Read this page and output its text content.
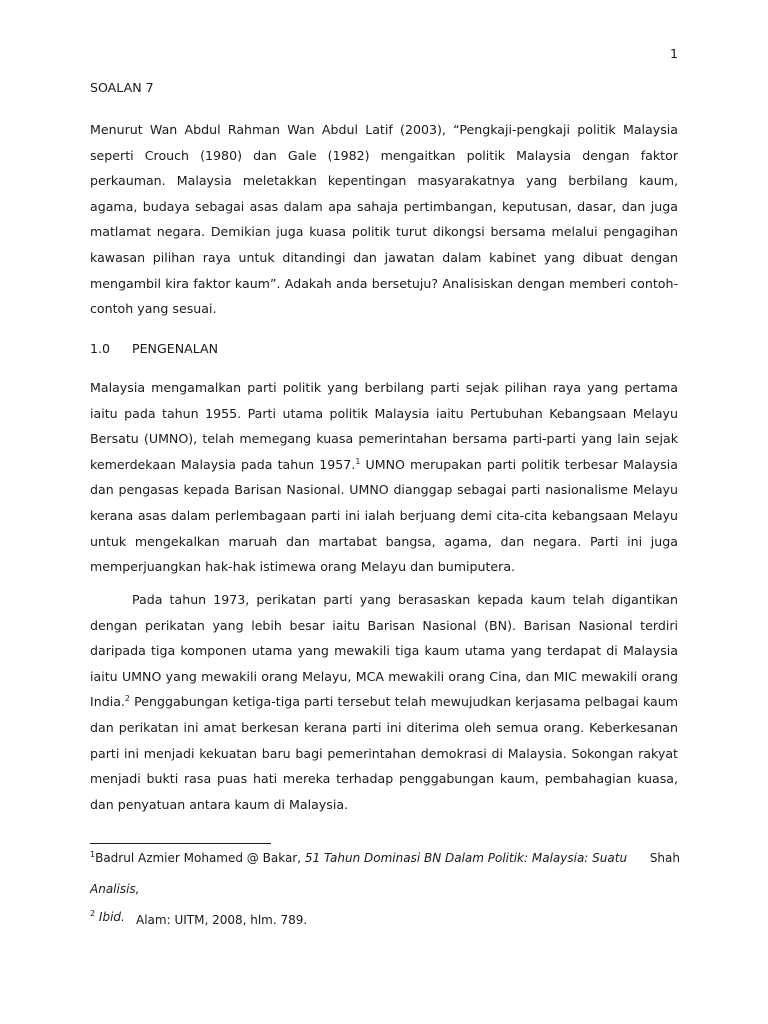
1
SOALAN 7

Menurut Wan Abdul Rahman Wan Abdul Latif (2003), “Pengkaji-pengkaji politik Malaysia seperti Crouch (1980) dan Gale (1982) mengaitkan politik Malaysia dengan faktor perkauman. Malaysia meletakkan kepentingan masyarakatnya yang berbilang kaum, agama, budaya sebagai asas dalam apa sahaja pertimbangan, keputusan, dasar, dan juga matlamat negara. Demikian juga kuasa politik turut dikongsi bersama melalui pengagihan kawasan pilihan raya untuk ditandingi dan jawatan dalam kabinet yang dibuat dengan mengambil kira faktor kaum”. Adakah anda bersetuju? Analisiskan dengan memberi contoh-contoh yang sesuai.

1.0 PENGENALAN

Malaysia mengamalkan parti politik yang berbilang parti sejak pilihan raya yang pertama iaitu pada tahun 1955. Parti utama politik Malaysia iaitu Pertubuhan Kebangsaan Melayu Bersatu (UMNO), telah memegang kuasa pemerintahan bersama parti-parti yang lain sejak kemerdekaan Malaysia pada tahun 1957.$^1$ UMNO merupakan parti politik terbesar Malaysia dan pengasas kepada Barisan Nasional. UMNO dianggap sebagai parti nasionalisme Melayu kerana asas dalam perlembagaan parti ini ialah berjuang demi cita-cita kebangsaan Melayu untuk mengekalkan maruah dan martabat bangsa, agama, dan negara. Parti ini juga memperjuangkan hak-hak istimewa orang Melayu dan bumiputera.

Pada tahun 1973, perikatan parti yang berasaskan kepada kaum telah digantikan dengan perikatan yang lebih besar iaitu Barisan Nasional (BN). Barisan Nasional terdiri daripada tiga komponen utama yang mewakili tiga kaum utama yang terdapat di Malaysia iaitu UMNO yang mewakili orang Melayu, MCA mewakili orang Cina, dan MIC mewakili orang India.$^2$ Penggabungan ketiga-tiga parti tersebut telah mewujudkan kerjasama pelbagai kaum dan perikatan ini amat berkesan kerana parti ini diterima oleh semua orang. Keberkesanan parti ini menjadi kekuatan baru bagi pemerintahan demokrasi di Malaysia. Sokongan rakyat menjadi bukti rasa puas hati mereka terhadap penggabungan kaum, pembahagian kuasa, dan penyatuan antara kaum di Malaysia.

$^1$Badrul Azmier Mohamed @ Bakar, 51 Tahun Dominasi BN Dalam Politik: Malaysia: Suatu Analisis,
Shah
Alam: UITM, 2008, hlm. 789.
$^2$ Ibid.
